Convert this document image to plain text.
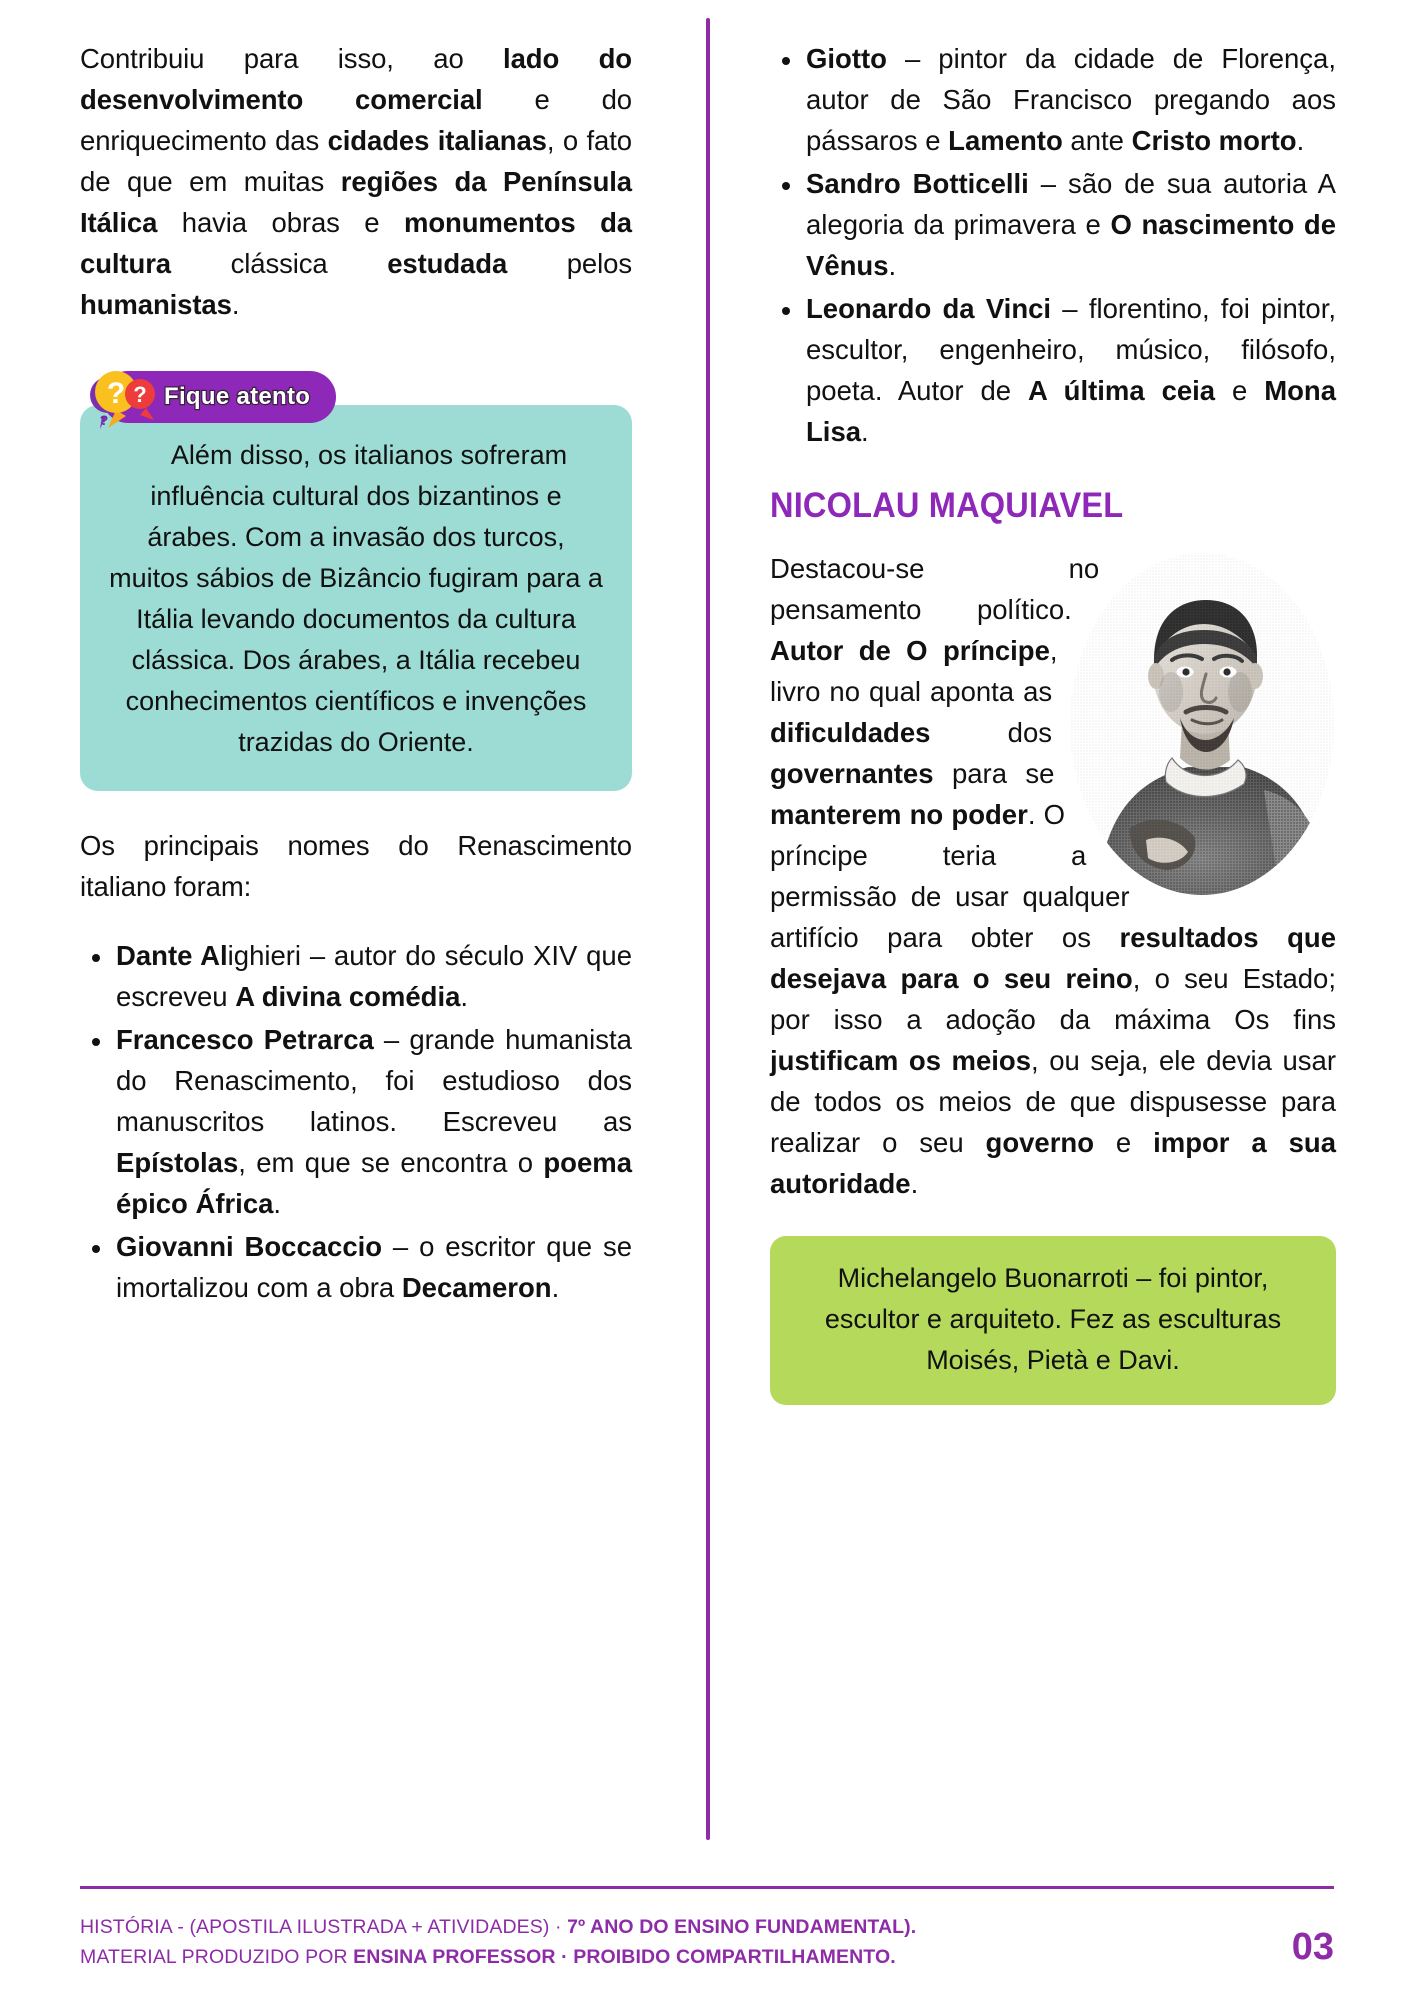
Contribuiu para isso, ao lado do desenvolvimento comercial e do enriquecimento das cidades italianas, o fato de que em muitas regiões da Península Itálica havia obras e monumentos da cultura clássica estudada pelos humanistas.

? ?
?
Fique atento
Além disso, os italianos sofreram influência cultural dos bizantinos e árabes. Com a invasão dos turcos, muitos sábios de Bizâncio fugiram para a Itália levando documentos da cultura clássica. Dos árabes, a Itália recebeu conhecimentos científicos e invenções trazidas do Oriente.

Os principais nomes do Renascimento italiano foram:

Dante Alighieri – autor do século XIV que escreveu A divina comédia.
Francesco Petrarca – grande humanista do Renascimento, foi estudioso dos manuscritos latinos. Escreveu as Epístolas, em que se encontra o poema épico África.
Giovanni Boccaccio – o escritor que se imortalizou com a obra Decameron.
Giotto – pintor da cidade de Florença, autor de São Francisco pregando aos pássaros e Lamento ante Cristo morto.
Sandro Botticelli – são de sua autoria A alegoria da primavera e O nascimento de Vênus.
Leonardo da Vinci – florentino, foi pintor, escultor, engenheiro, músico, filósofo, poeta. Autor de A última ceia e Mona Lisa.
NICOLAU MAQUIAVEL

Destacou-se no pensamento político. Autor de O príncipe, livro no qual aponta as dificuldades dos governantes para se manterem no poder. O príncipe teria a permissão de usar qualquer artifício para obter os resultados que desejava para o seu reino, o seu Estado; por isso a adoção da máxima Os fins justificam os meios, ou seja, ele devia usar de todos os meios de que dispusesse para realizar o seu governo e impor a sua autoridade.

Michelangelo Buonarroti – foi pintor, escultor e arquiteto. Fez as esculturas Moisés, Pietà e Davi.
HISTÓRIA - (APOSTILA ILUSTRADA + ATIVIDADES) · 7º ANO DO ENSINO FUNDAMENTAL).
MATERIAL PRODUZIDO POR ENSINA PROFESSOR · PROIBIDO COMPARTILHAMENTO.	03
